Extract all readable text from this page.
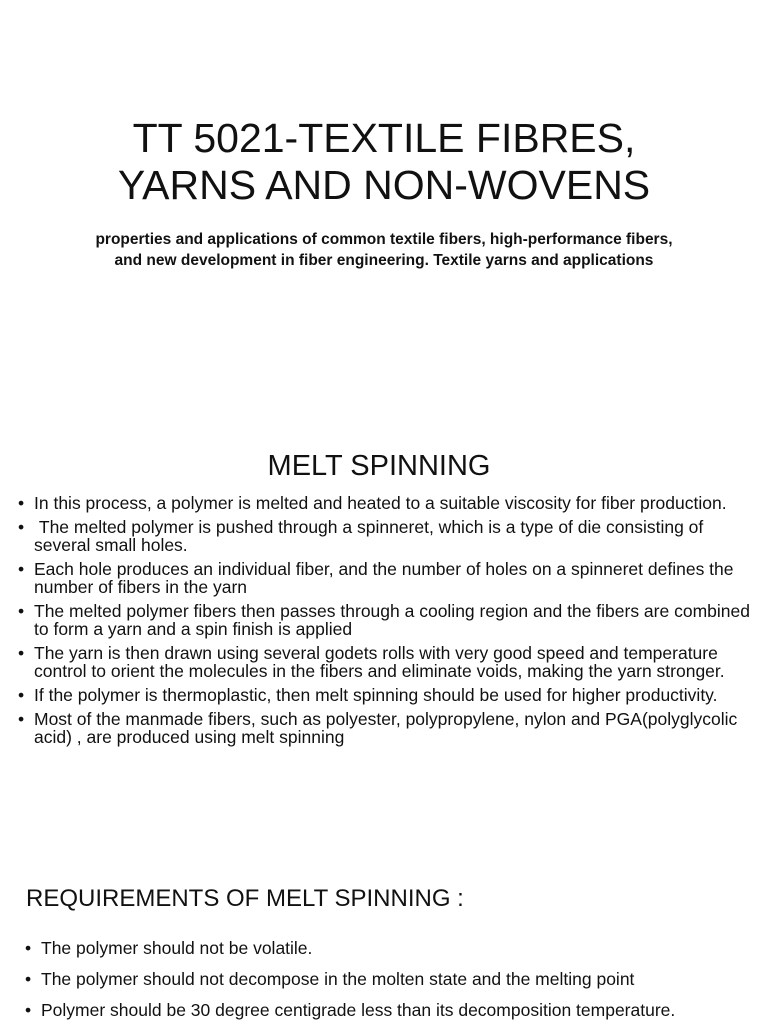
TT 5021-TEXTILE FIBRES,
YARNS AND NON-WOVENS

properties and applications of common textile fibers, high-performance fibers, and new development in fiber engineering. Textile yarns and applications

MELT SPINNING
• In this process, a polymer is melted and heated to a suitable viscosity for fiber production.
• The melted polymer is pushed through a spinneret, which is a type of die consisting of several small holes.
• Each hole produces an individual fiber, and the number of holes on a spinneret defines the number of fibers in the yarn
• The melted polymer fibers then passes through a cooling region and the fibers are combined to form a yarn and a spin finish is applied
• The yarn is then drawn using several godets rolls with very good speed and temperature control to orient the molecules in the fibers and eliminate voids, making the yarn stronger.
• If the polymer is thermoplastic, then melt spinning should be used for higher productivity.
• Most of the manmade fibers, such as polyester, polypropylene, nylon and PGA(polyglycolic acid) , are produced using melt spinning
REQUIREMENTS OF MELT SPINNING :
• The polymer should not be volatile.
• The polymer should not decompose in the molten state and the melting point
• Polymer should be 30 degree centigrade less than its decomposition temperature.
